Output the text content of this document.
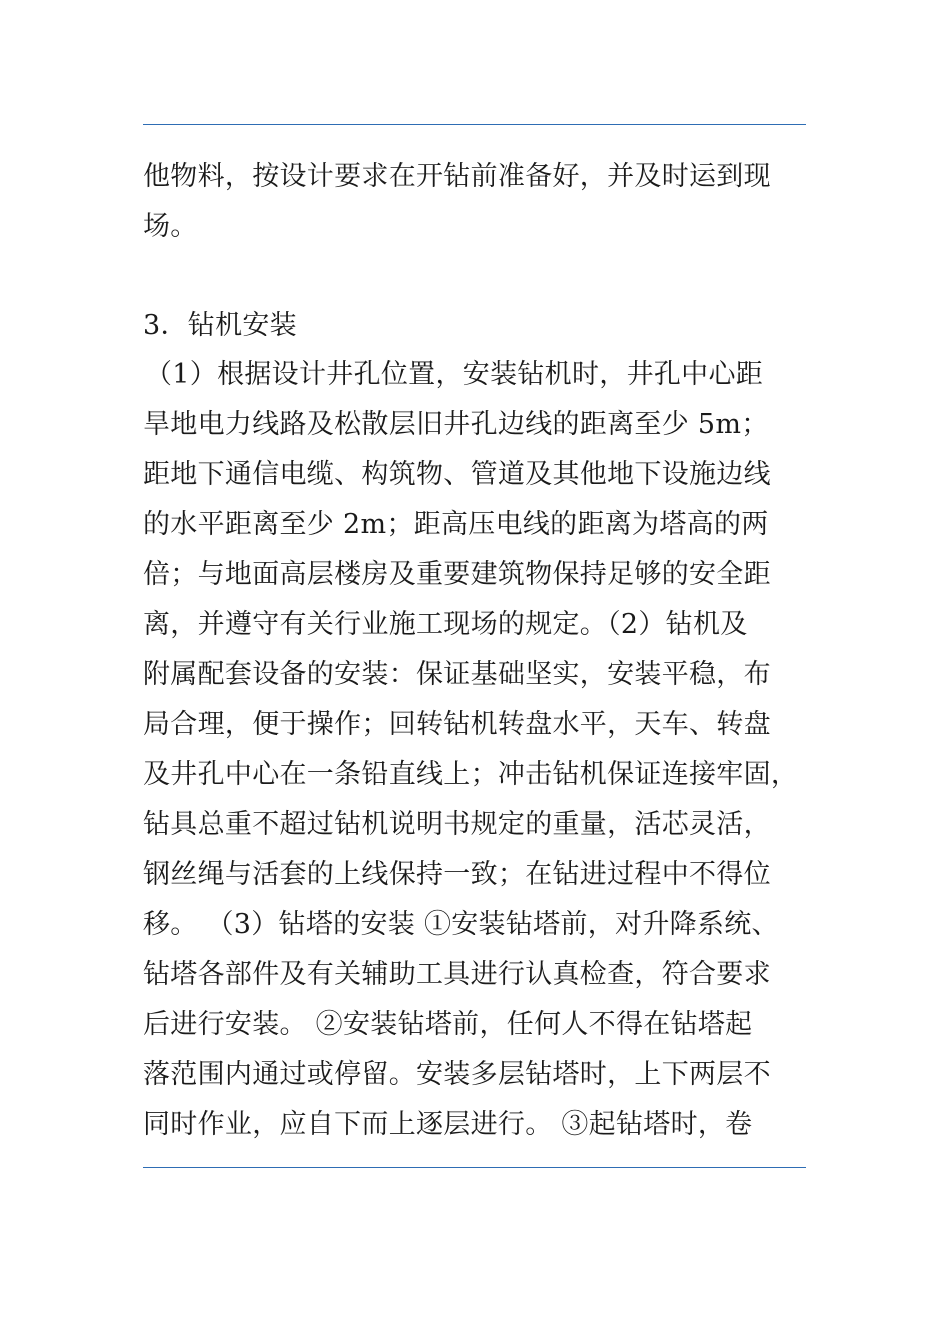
他物料，按设计要求在开钻前准备好，并及时运到现
场。
3．钻机安装
（1）根据设计井孔位置，安装钻机时，井孔中心距
旱地电力线路及松散层旧井孔边线的距离至少 5m；
距地下通信电缆、构筑物、管道及其他地下设施边线
的水平距离至少 2m；距高压电线的距离为塔高的两
倍；与地面高层楼房及重要建筑物保持足够的安全距
离，并遵守有关行业施工现场的规定。（2）钻机及
附属配套设备的安装：保证基础坚实，安装平稳，布
局合理，便于操作；回转钻机转盘水平，天车、转盘
及井孔中心在一条铅直线上；冲击钻机保证连接牢固，
钻具总重不超过钻机说明书规定的重量，活芯灵活，
钢丝绳与活套的上线保持一致；在钻进过程中不得位
移。 （3）钻塔的安装 ①安装钻塔前，对升降系统、
钻塔各部件及有关辅助工具进行认真检查，符合要求
后进行安装。 ②安装钻塔前，任何人不得在钻塔起
落范围内通过或停留。安装多层钻塔时，上下两层不
同时作业，应自下而上逐层进行。 ③起钻塔时，卷
